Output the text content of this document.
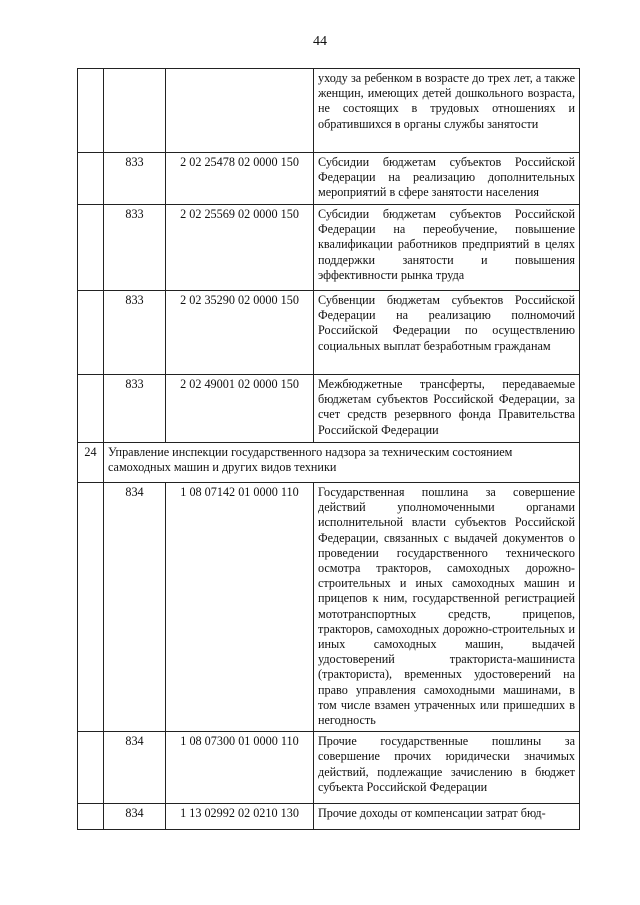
44
			уходу за ребенком в возрасте до трех лет, а также женщин, имеющих детей дошкольного возраста, не состоящих в трудовых отношениях и обратившихся в органы службы занятости
	833	2 02 25478 02 0000 150	Субсидии бюджетам субъектов Российской Федерации на реализацию дополнительных мероприятий в сфере занятости населения
	833	2 02 25569 02 0000 150	Субсидии бюджетам субъектов Российской Федерации на переобучение, повышение квалификации работников предприятий в целях поддержки занятости и повышения эффективности рынка труда
	833	2 02 35290 02 0000 150	Субвенции бюджетам субъектов Российской Федерации на реализацию полномочий Российской Федерации по осуществлению социальных выплат безработным гражданам
	833	2 02 49001 02 0000 150	Межбюджетные трансферты, передаваемые бюджетам субъектов Российской Федерации, за счет средств резервного фонда Правительства Российской Федерации
24	Управление инспекции государственного надзора за техническим состоянием самоходных машин и других видов техники		
	834	1 08 07142 01 0000 110	Государственная пошлина за совершение действий уполномоченными органами исполнительной власти субъектов Российской Федерации, связанных с выдачей документов о проведении государственного технического осмотра тракторов, самоходных дорожно-строительных и иных самоходных машин и прицепов к ним, государственной регистрацией мототранспортных средств, прицепов, тракторов, самоходных дорожно-строительных и иных самоходных машин, выдачей удостоверений тракториста-машиниста (тракториста), временных удостоверений на право управления самоходными машинами, в том числе взамен утраченных или пришедших в негодность
	834	1 08 07300 01 0000 110	Прочие государственные пошлины за совершение прочих юридически значимых действий, подлежащие зачислению в бюджет субъекта Российской Федерации
	834	1 13 02992 02 0210 130	Прочие доходы от компенсации затрат бюд-
